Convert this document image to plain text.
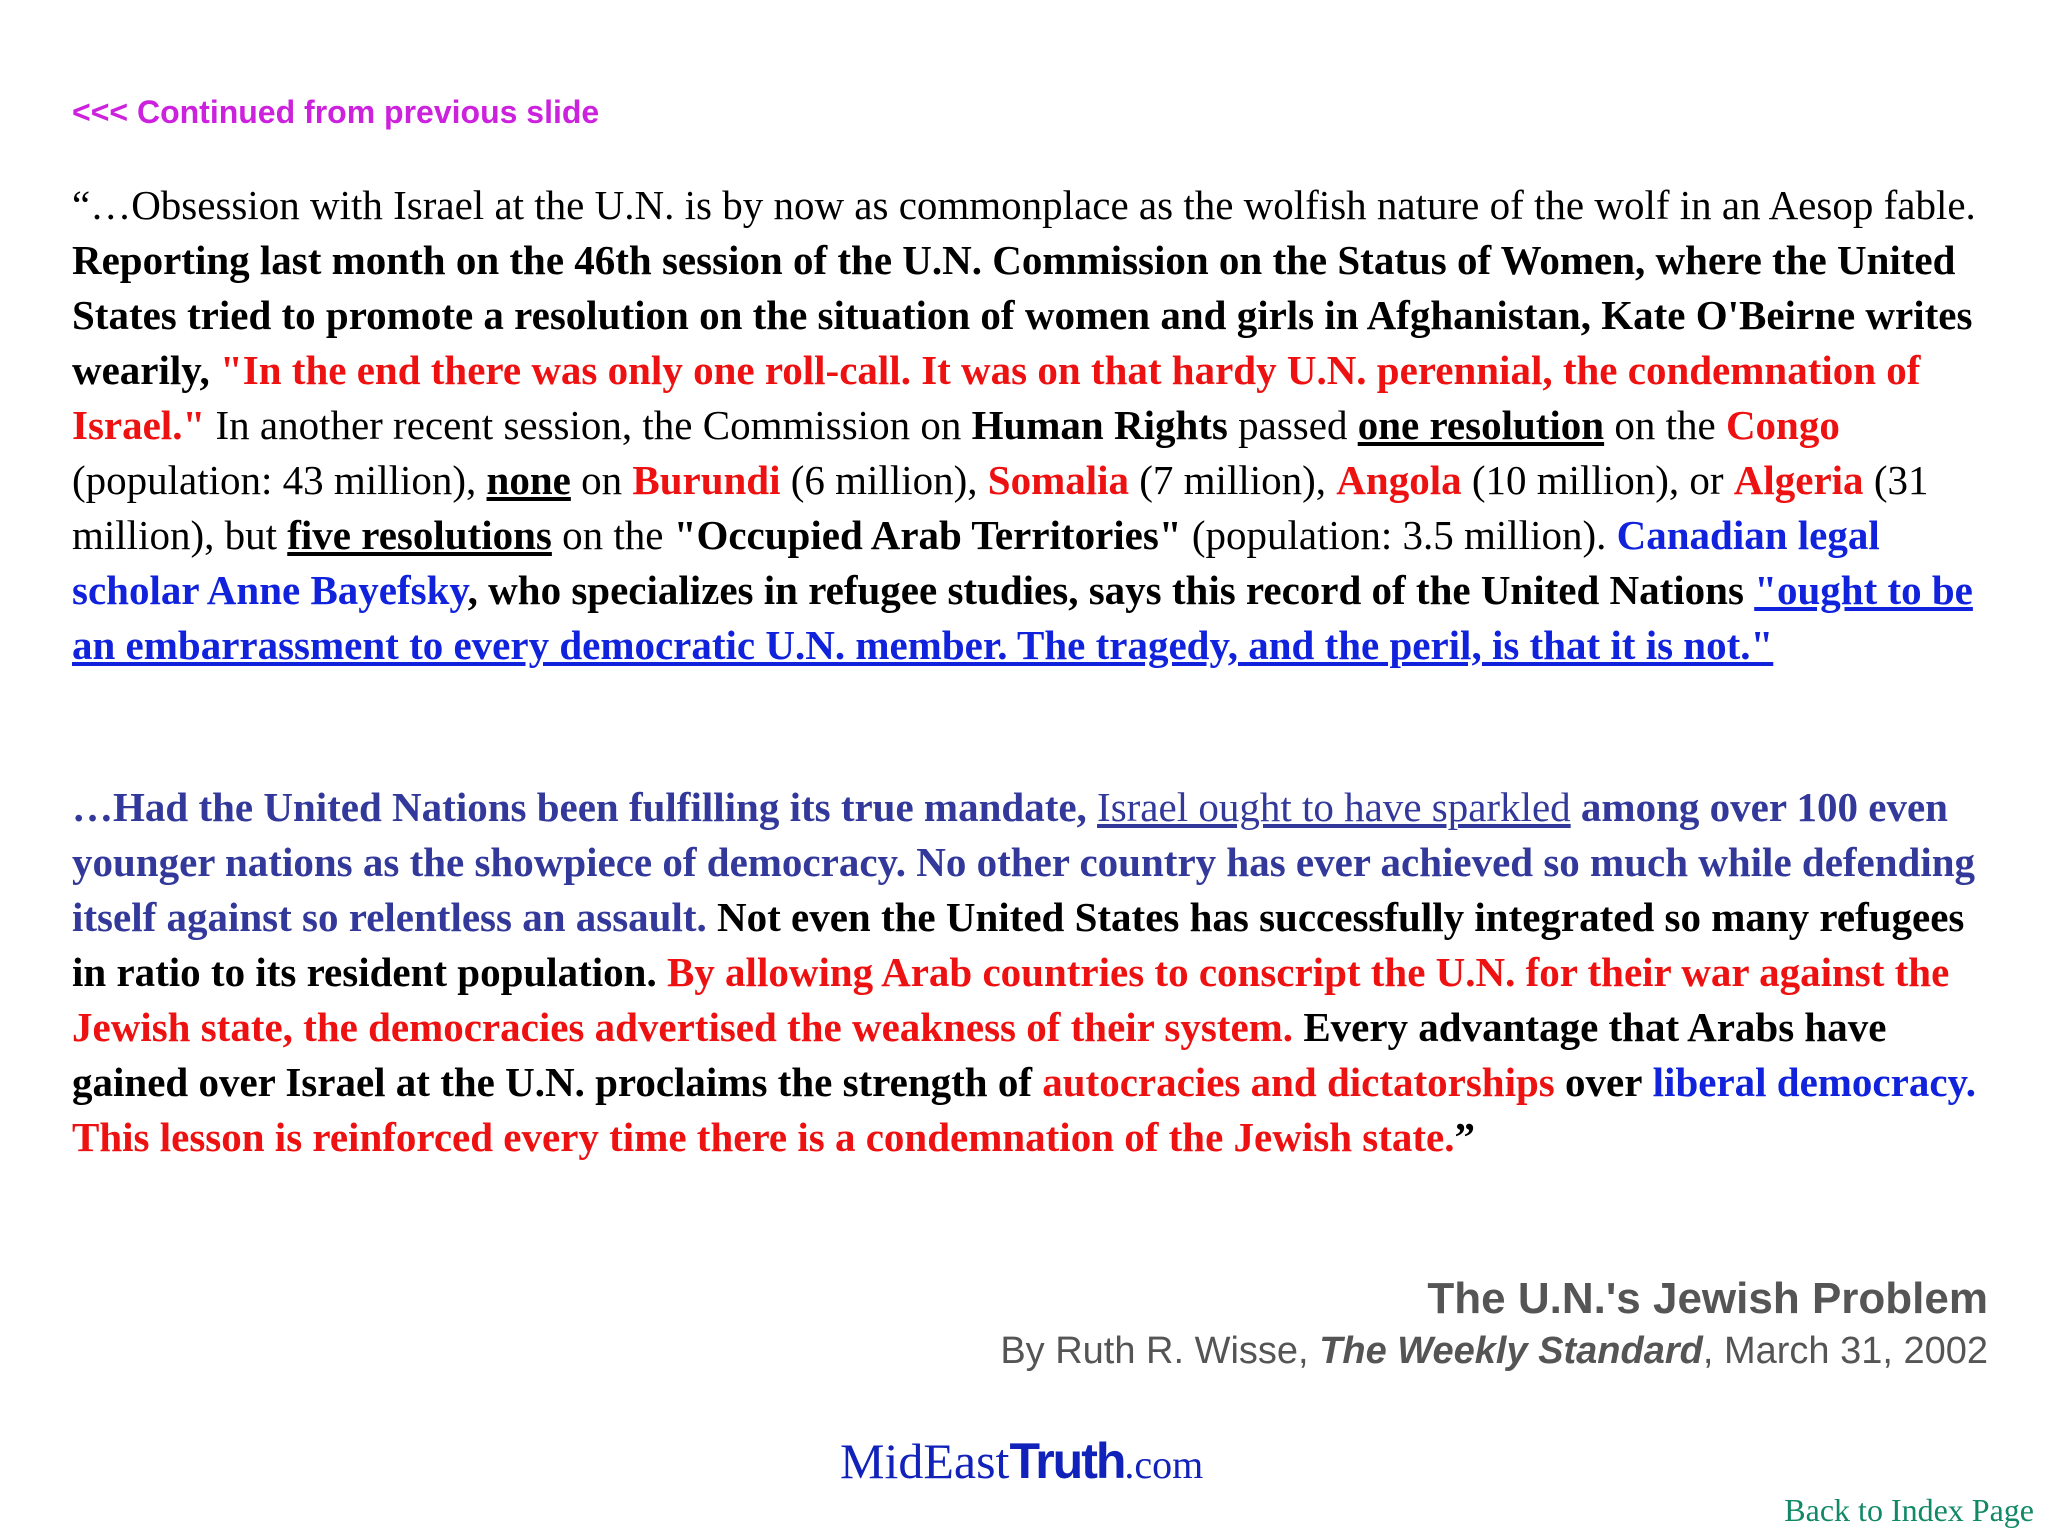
<<< Continued from previous slide

“…Obsession with Israel at the U.N. is by now as commonplace as the wolfish nature of the wolf in an Aesop fable. Reporting last month on the 46th session of the U.N. Commission on the Status of Women, where the United States tried to promote a resolution on the situation of women and girls in Afghanistan, Kate O'Beirne writes wearily, "In the end there was only one roll-call. It was on that hardy U.N. perennial, the condemnation of Israel." In another recent session, the Commission on Human Rights passed one resolution on the Congo (population: 43 million), none on Burundi (6 million), Somalia (7 million), Angola (10 million), or Algeria (31 million), but five resolutions on the "Occupied Arab Territories" (population: 3.5 million). Canadian legal scholar Anne Bayefsky, who specializes in refugee studies, says this record of the United Nations "ought to be an embarrassment to every democratic U.N. member. The tragedy, and the peril, is that it is not."

…Had the United Nations been fulfilling its true mandate, Israel ought to have sparkled among over 100 even younger nations as the showpiece of democracy. No other country has ever achieved so much while defending itself against so relentless an assault. Not even the United States has successfully integrated so many refugees in ratio to its resident population. By allowing Arab countries to conscript the U.N. for their war against the Jewish state, the democracies advertised the weakness of their system. Every advantage that Arabs have gained over Israel at the U.N. proclaims the strength of autocracies and dictatorships over liberal democracy. This lesson is reinforced every time there is a condemnation of the Jewish state.”

The U.N.'s Jewish Problem
By Ruth R. Wisse, The Weekly Standard, March 31, 2002
MidEastTruth.com
Back to Index Page
